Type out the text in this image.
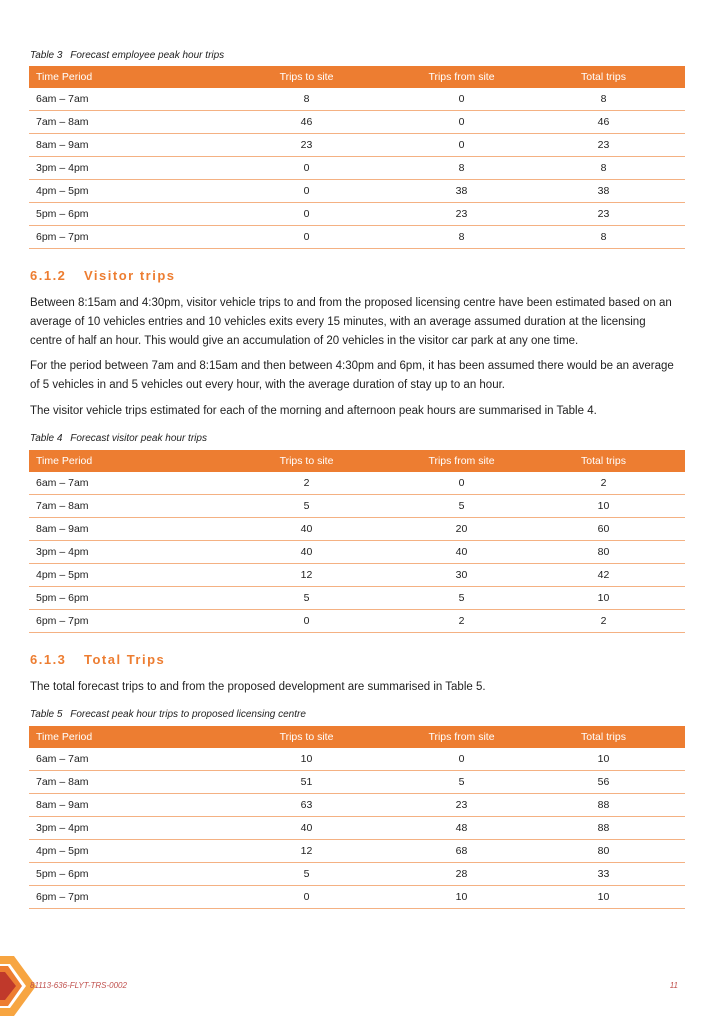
Table 3 Forecast employee peak hour trips
Time Period	Trips to site	Trips from site	Total trips
6am – 7am	8	0	8
7am – 8am	46	0	46
8am – 9am	23	0	23
3pm – 4pm	0	8	8
4pm – 5pm	0	38	38
5pm – 6pm	0	23	23
6pm – 7pm	0	8	8
6.1.2 Visitor trips

Between 8:15am and 4:30pm, visitor vehicle trips to and from the proposed licensing centre have been estimated based on an average of 10 vehicles entries and 10 vehicles exits every 15 minutes, with an average assumed duration at the licensing centre of half an hour. This would give an accumulation of 20 vehicles in the visitor car park at any one time.

For the period between 7am and 8:15am and then between 4:30pm and 6pm, it has been assumed there would be an average of 5 vehicles in and 5 vehicles out every hour, with the average duration of stay up to an hour.

The visitor vehicle trips estimated for each of the morning and afternoon peak hours are summarised in Table 4.

Table 4 Forecast visitor peak hour trips
Time Period	Trips to site	Trips from site	Total trips
6am – 7am	2	0	2
7am – 8am	5	5	10
8am – 9am	40	20	60
3pm – 4pm	40	40	80
4pm – 5pm	12	30	42
5pm – 6pm	5	5	10
6pm – 7pm	0	2	2
6.1.3 Total Trips

The total forecast trips to and from the proposed development are summarised in Table 5.

Table 5 Forecast peak hour trips to proposed licensing centre
Time Period	Trips to site	Trips from site	Total trips
6am – 7am	10	0	10
7am – 8am	51	5	56
8am – 9am	63	23	88
3pm – 4pm	40	48	88
4pm – 5pm	12	68	80
5pm – 6pm	5	28	33
6pm – 7pm	0	10	10
81113-636-FLYT-TRS-0002	11
